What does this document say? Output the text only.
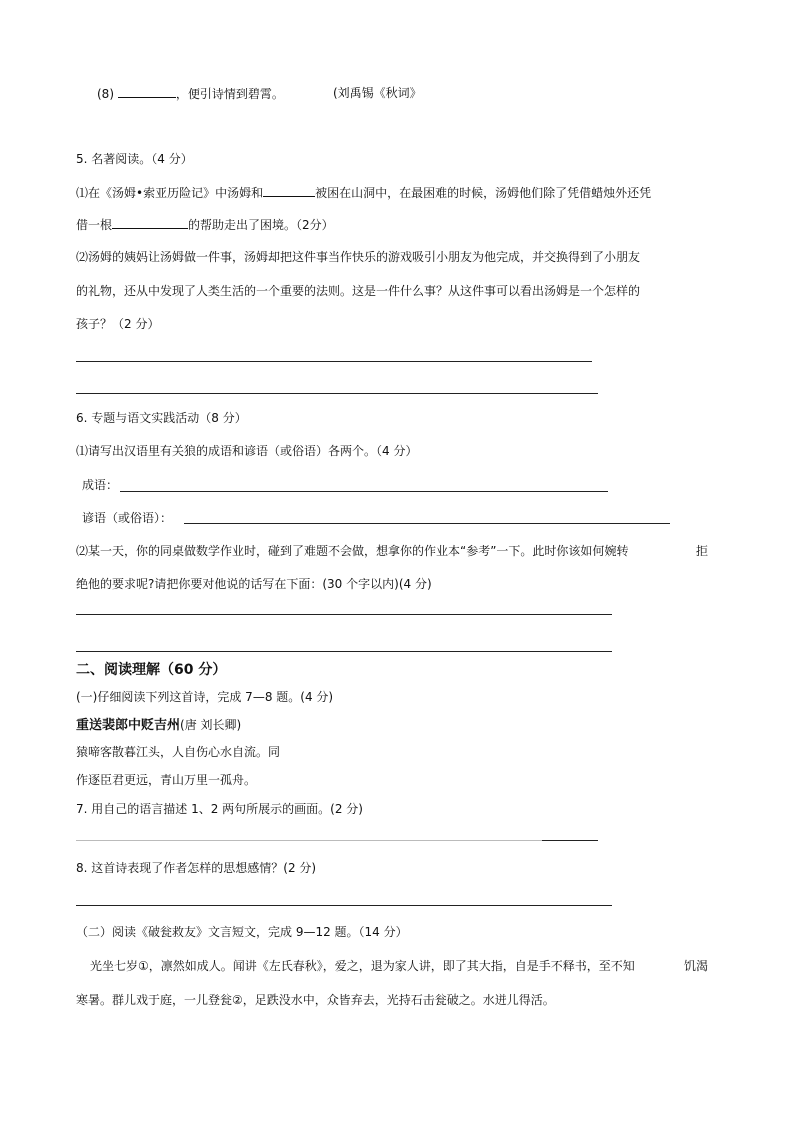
(8)	，便引诗情到碧霄。	(刘禹锡《秋词》
5. 名著阅读。（4 分）
⑴在《汤姆•索亚历险记》中汤姆和	被困在山洞中，在最困难的时候，汤姆他们除了凭借蜡烛外还凭
借一根	的帮助走出了困境。（2分）
⑵汤姆的姨妈让汤姆做一件事，汤姆却把这件事当作快乐的游戏吸引小朋友为他完成，并交换得到了小朋友
的礼物，还从中发现了人类生活的一个重要的法则。这是一件什么事？从这件事可以看出汤姆是一个怎样的
孩子？（2 分）
6. 专题与语文实践活动（8 分）
⑴请写出汉语里有关狼的成语和谚语（或俗语）各两个。（4 分）
成语：
谚语（或俗语）：
⑵某一天，你的同桌做数学作业时，碰到了难题不会做，想拿你的作业本“参考”一下。此时你该如何婉转	拒
绝他的要求呢?请把你要对他说的话写在下面：(30 个字以内)(4 分)
二、阅读理解（60 分）
(一)仔细阅读下列这首诗，完成 7—8 题。(4 分)
重送裴郎中贬吉州(唐 刘长卿)
猿啼客散暮江头，人自伤心水自流。同
作逐臣君更远，青山万里一孤舟。
7. 用自己的语言描述 1、2 两句所展示的画面。(2 分)
8. 这首诗表现了作者怎样的思想感情？(2 分)
（二）阅读《破瓮救友》文言短文，完成 9—12 题。（14 分）
光坐七岁①，凛然如成人。闻讲《左氏春秋》，爱之，退为家人讲，即了其大指，自是手不释书，至不知	饥渴
寒暑。群儿戏于庭，一儿登瓮②，足跌没水中，众皆弃去，光持石击瓮破之。水迸儿得活。
